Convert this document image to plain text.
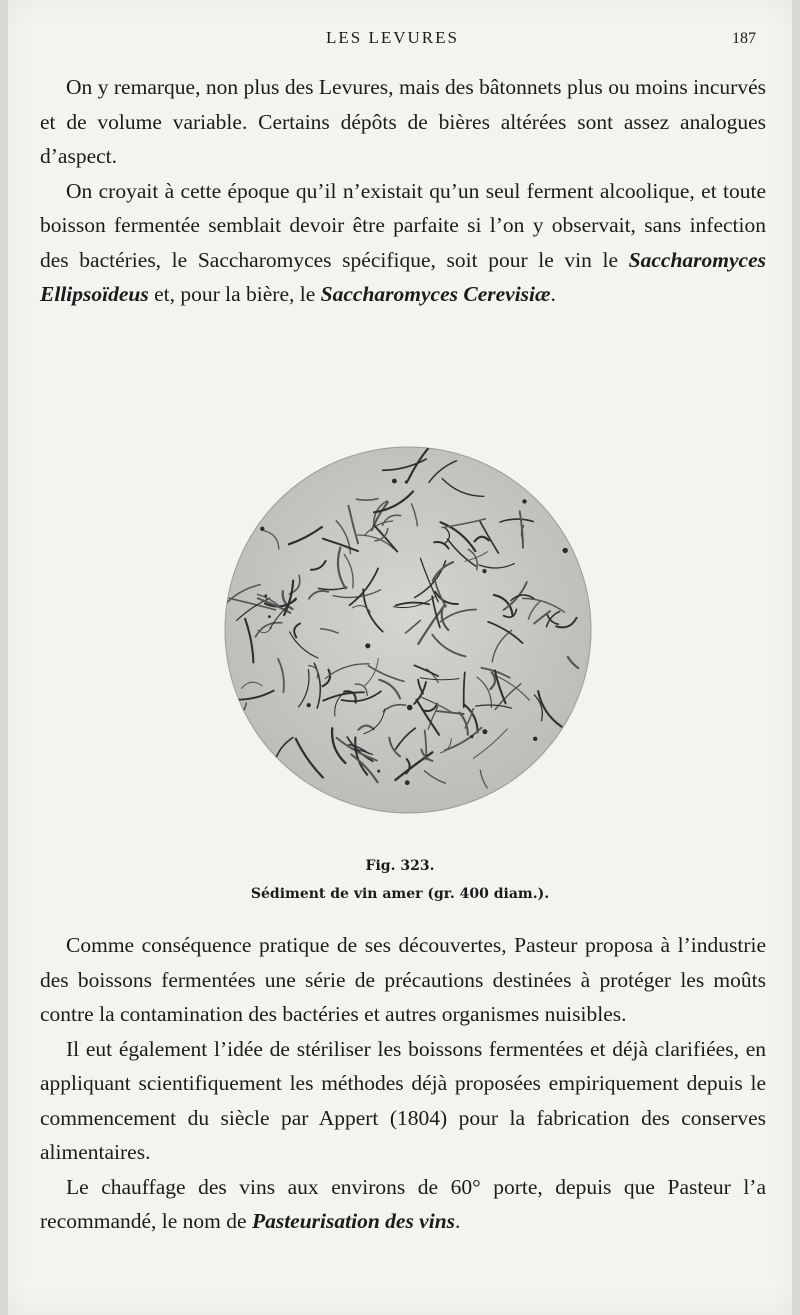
LES LEVURES	187

On y remarque, non plus des Levures, mais des bâtonnets plus ou moins incurvés et de volume variable. Certains dépôts de bières altérées sont assez analogues d’aspect.

On croyait à cette époque qu’il n’existait qu’un seul ferment alcoolique, et toute boisson fermentée semblait devoir être parfaite si l’on y observait, sans infection des bactéries, le Saccharomyces spécifique, soit pour le vin le Saccharomyces Ellipsoïdeus et, pour la bière, le Saccharomyces Cerevisiæ.

Fig. 323.
Sédiment de vin amer (gr. 400 diam.).

Comme conséquence pratique de ses découvertes, Pasteur proposa à l’industrie des boissons fermentées une série de précautions destinées à protéger les moûts contre la contamination des bactéries et autres organismes nuisibles.

Il eut également l’idée de stériliser les boissons fermentées et déjà clarifiées, en appliquant scientifiquement les méthodes déjà proposées empiriquement depuis le commencement du siècle par Appert (1804) pour la fabrication des conserves alimentaires.

Le chauffage des vins aux environs de 60° porte, depuis que Pasteur l’a recommandé, le nom de Pasteurisation des vins.
